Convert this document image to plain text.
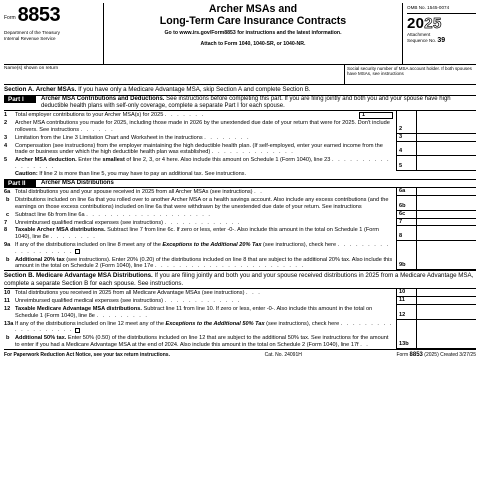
Form 8853
Department of the Treasury
Internal Revenue Service
Archer MSAs and
Long-Term Care Insurance Contracts
Go to www.irs.gov/Form8853 for instructions and the latest information.
Attach to Form 1040, 1040-SR, or 1040-NR.
OMB No. 1545-0074
2025
Attachment
Sequence No. 39
Name(s) shown on return	Social security number of MSA account holder. If both spouses have MSAs, see instructions
Section A. Archer MSAs. If you have only a Medicare Advantage MSA, skip Section A and complete Section B.
Part I	Archer MSA Contributions and Deductions. See instructions before completing this part. If you are filing jointly and both you and your spouse have high deductible health plans with self-only coverage, complete a separate Part I for each spouse.
1	Total employer contributions to your Archer MSA(s) for 2025 . . . . . . .	1
2	Archer MSA contributions you made for 2025, including those made in 2026 by the unextended due date of your return that were for 2025. Don't include rollovers. See instructions . . . . . .	2
3	Limitation from the Line 3 Limitation Chart and Worksheet in the instructions . . . . . . . .	3
4	Compensation (see instructions) from the employer maintaining the high deductible health plan. (If self-employed, enter your earned income from the trade or business under which the high deductible health plan was established) . . . . . . . . . . . . . .	4
5	Archer MSA deduction. Enter the smallest of line 2, 3, or 4 here. Also include this amount on Schedule 1 (Form 1040), line 23 . . . . . . . . . . . . . . . . .	5
Caution: If line 2 is more than line 5, you may have to pay an additional tax. See instructions.
Part II	Archer MSA Distributions
6a Total distributions you and your spouse received in 2025 from all Archer MSAs (see instructions) . .	6a
b Distributions included on line 6a that you rolled over to another Archer MSA or a health savings account. Also include any excess contributions (and the earnings on those excess contributions) included on line 6a that were withdrawn by the unextended due date of your return. See instructions	6b
c	Subtract line 6b from line 6a . . . . . . . . . . . . . . . . . . . . .	6c
7	Unreimbursed qualified medical expenses (see instructions) . . . . . . . . . . . . .	7
8	Taxable Archer MSA distributions. Subtract line 7 from line 6c. If zero or less, enter -0-. Also include this amount in the total on Schedule 1 (Form 1040), line 8e . . . . . . . .	8
9a If any of the distributions included on line 8 meet any of the Exceptions to the Additional 20% Tax (see instructions), check here . . . . . . . . . . . . . . . . . . .
b Additional 20% tax (see instructions). Enter 20% (0.20) of the distributions included on line 8 that are subject to the additional 20% tax. Also include this amount in the total on Schedule 2 (Form 1040), line 17e . . . . . . . . . . . . . . . . . . . . . . . . .	9b
Section B. Medicare Advantage MSA Distributions. If you are filing jointly and both you and your spouse received distributions in 2025 from a Medicare Advantage MSA, complete a separate Section B for each spouse. See instructions.
10 Total distributions you received in 2025 from all Medicare Advantage MSAs (see instructions) . . .	10
11 Unreimbursed qualified medical expenses (see instructions) . . . . . . . . . . . . .	11
12 Taxable Medicare Advantage MSA distributions. Subtract line 11 from line 10. If zero or less, enter -0-. Also include this amount in the total on Schedule 1 (Form 1040), line 8e . . . . . . . . .	12
13a If any of the distributions included on line 12 meet any of the Exceptions to the Additional 50% Tax (see instructions), check here . . . . . . . . . . . . . . . . . . .
b Additional 50% tax. Enter 50% (0.50) of the distributions included on line 12 that are subject to the additional 50% tax. See instructions for the amount to enter if you had a Medicare Advantage MSA at the end of 2024. Also include this amount in the total on Schedule 2 (Form 1040), line 17f . .	13b
For Paperwork Reduction Act Notice, see your tax return instructions.	Cat. No. 24091H	Form 8853 (2025) Created 3/27/25
